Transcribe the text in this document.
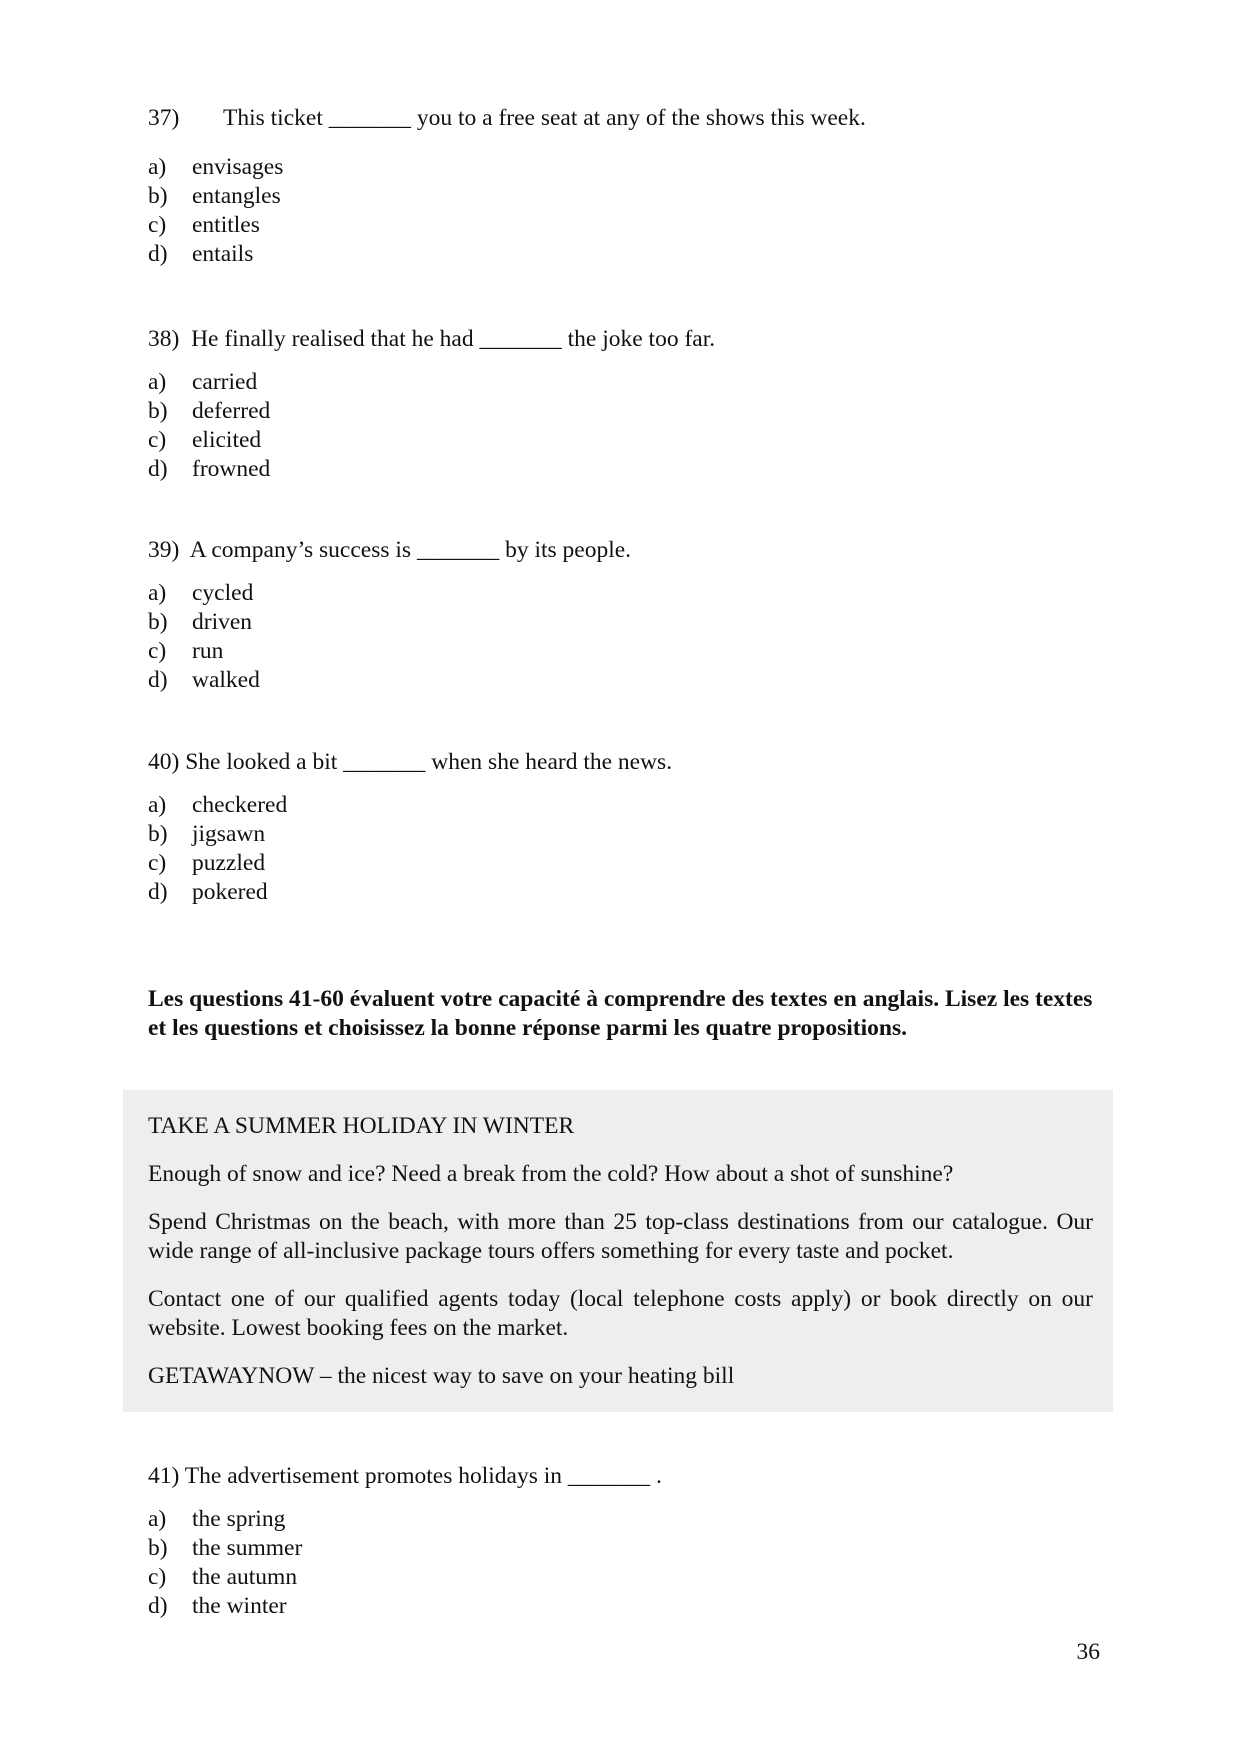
37) This ticket _______ you to a free seat at any of the shows this week.
a) envisages
b) entangles
c) entitles
d) entails
38) He finally realised that he had _______ the joke too far.
a) carried
b) deferred
c) elicited
d) frowned
39) A company’s success is _______ by its people.
a) cycled
b) driven
c) run
d) walked
40) She looked a bit _______ when she heard the news.
a) checkered
b) jigsawn
c) puzzled
d) pokered
Les questions 41-60 évaluent votre capacité à comprendre des textes en anglais. Lisez les textes et les questions et choisissez la bonne réponse parmi les quatre propositions.

TAKE A SUMMER HOLIDAY IN WINTER

Enough of snow and ice? Need a break from the cold? How about a shot of sunshine?

Spend Christmas on the beach, with more than 25 top-class destinations from our catalogue. Our wide range of all-inclusive package tours offers something for every taste and pocket.

Contact one of our qualified agents today (local telephone costs apply) or book directly on our website. Lowest booking fees on the market.

GETAWAYNOW – the nicest way to save on your heating bill

41) The advertisement promotes holidays in _______ .
a) the spring
b) the summer
c) the autumn
d) the winter
36
